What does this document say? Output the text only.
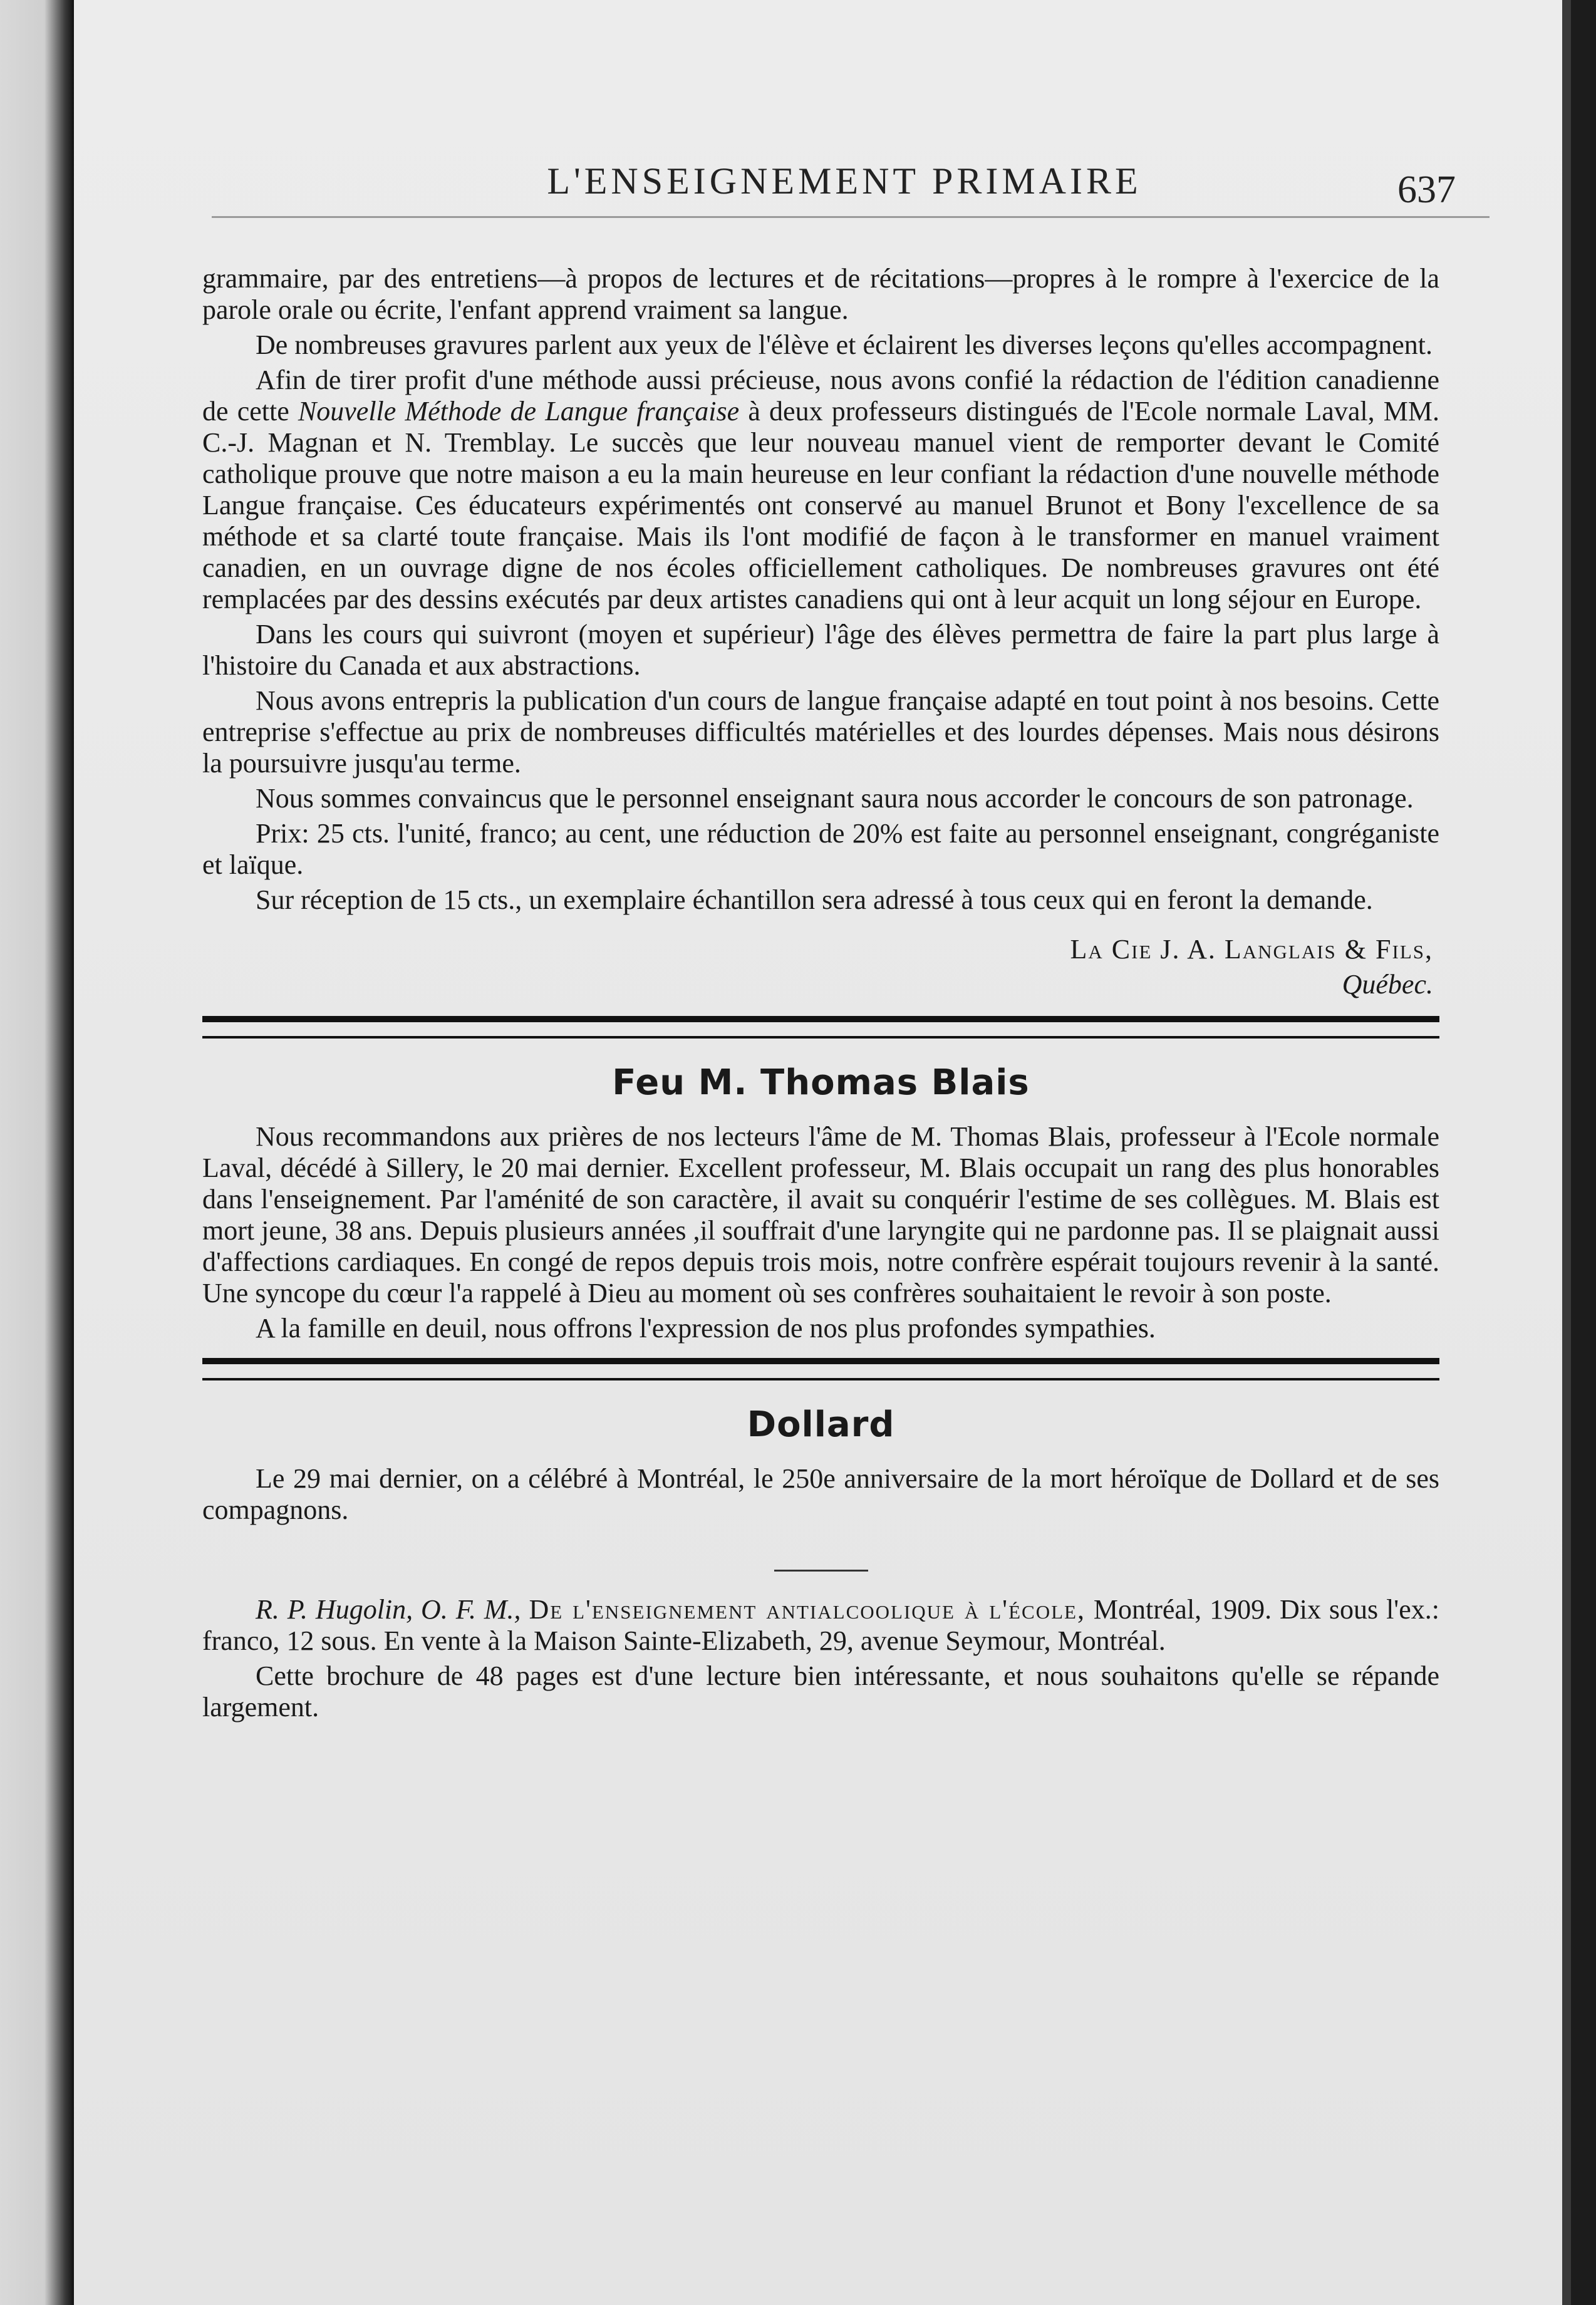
L'ENSEIGNEMENT PRIMAIRE	637

grammaire, par des entretiens—à propos de lectures et de récitations—propres à le rompre à l'exercice de la parole orale ou écrite, l'enfant apprend vraiment sa langue.

De nombreuses gravures parlent aux yeux de l'élève et éclairent les diverses leçons qu'elles accompagnent.

Afin de tirer profit d'une méthode aussi précieuse, nous avons confié la rédaction de l'édition canadienne de cette Nouvelle Méthode de Langue française à deux professeurs distingués de l'Ecole normale Laval, MM. C.-J. Magnan et N. Tremblay. Le succès que leur nouveau manuel vient de remporter devant le Comité catholique prouve que notre maison a eu la main heureuse en leur confiant la rédaction d'une nouvelle méthode Langue française. Ces éducateurs expérimentés ont conservé au manuel Brunot et Bony l'excellence de sa méthode et sa clarté toute française. Mais ils l'ont modifié de façon à le transformer en manuel vraiment canadien, en un ouvrage digne de nos écoles officiellement catholiques. De nombreuses gravures ont été remplacées par des dessins exécutés par deux artistes canadiens qui ont à leur acquit un long séjour en Europe.

Dans les cours qui suivront (moyen et supérieur) l'âge des élèves permettra de faire la part plus large à l'histoire du Canada et aux abstractions.

Nous avons entrepris la publication d'un cours de langue française adapté en tout point à nos besoins. Cette entreprise s'effectue au prix de nombreuses difficultés matérielles et des lourdes dépenses. Mais nous désirons la poursuivre jusqu'au terme.

Nous sommes convaincus que le personnel enseignant saura nous accorder le concours de son patronage.

Prix: 25 cts. l'unité, franco; au cent, une réduction de 20% est faite au personnel enseignant, congréganiste et laïque.

Sur réception de 15 cts., un exemplaire échantillon sera adressé à tous ceux qui en feront la demande.

La Cie J. A. Langlais & Fils,
Québec.
Feu M. Thomas Blais

Nous recommandons aux prières de nos lecteurs l'âme de M. Thomas Blais, professeur à l'Ecole normale Laval, décédé à Sillery, le 20 mai dernier. Excellent professeur, M. Blais occupait un rang des plus honorables dans l'enseignement. Par l'aménité de son caractère, il avait su conquérir l'estime de ses collègues. M. Blais est mort jeune, 38 ans. Depuis plusieurs années ,il souffrait d'une laryngite qui ne pardonne pas. Il se plaignait aussi d'affections cardiaques. En congé de repos depuis trois mois, notre confrère espérait toujours revenir à la santé. Une syncope du cœur l'a rappelé à Dieu au moment où ses confrères souhaitaient le revoir à son poste.

A la famille en deuil, nous offrons l'expression de nos plus profondes sympathies.

Dollard

Le 29 mai dernier, on a célébré à Montréal, le 250e anniversaire de la mort héroïque de Dollard et de ses compagnons.

R. P. Hugolin, O. F. M., De l'enseignement antialcoolique à l'école, Montréal, 1909. Dix sous l'ex.: franco, 12 sous. En vente à la Maison Sainte-Elizabeth, 29, avenue Seymour, Montréal.

Cette brochure de 48 pages est d'une lecture bien intéressante, et nous souhaitons qu'elle se répande largement.
